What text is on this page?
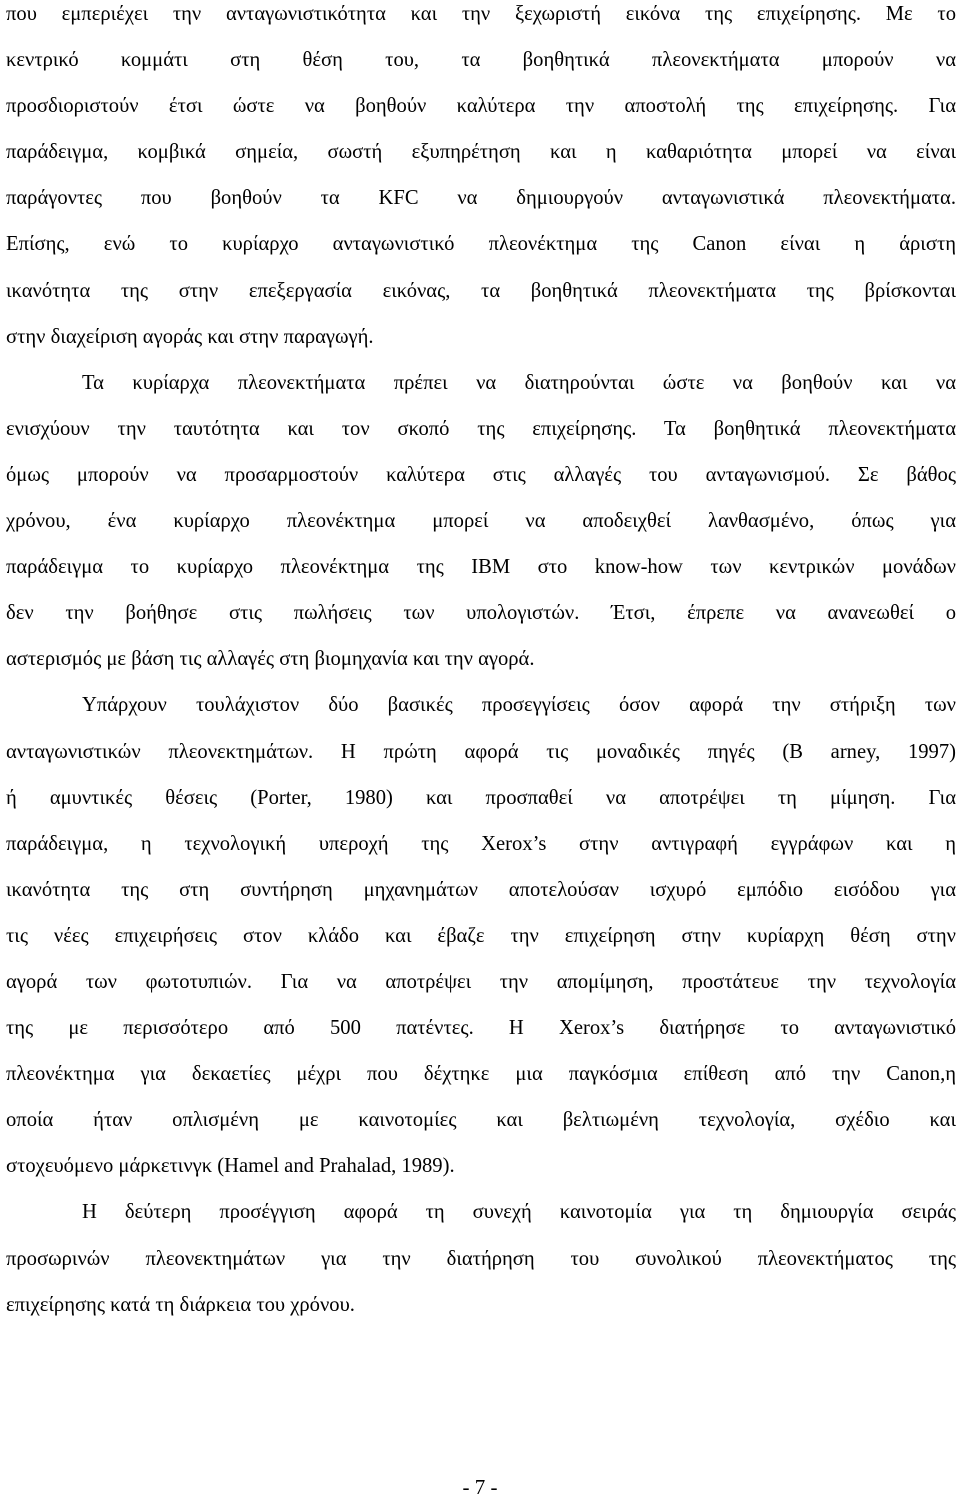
που εμπεριέχει την ανταγωνιστικότητα και την ξεχωριστή εικόνα της επιχείρησης. Με το
κεντρικό κομμάτι στη θέση του, τα βοηθητικά πλεονεκτήματα μπορούν να
προσδιοριστούν έτσι ώστε να βοηθούν καλύτερα την αποστολή της επιχείρησης. Για
παράδειγμα, κομβικά σημεία, σωστή εξυπηρέτηση και η καθαριότητα μπορεί να είναι
παράγοντες που βοηθούν τα KFC να δημιουργούν ανταγωνιστικά πλεονεκτήματα.
Επίσης, ενώ το κυρίαρχο ανταγωνιστικό πλεονέκτημα της Canon είναι η άριστη
ικανότητα της στην επεξεργασία εικόνας, τα βοηθητικά πλεονεκτήματα της βρίσκονται
στην διαχείριση αγοράς και στην παραγωγή.

Τα κυρίαρχα πλεονεκτήματα πρέπει να διατηρούνται ώστε να βοηθούν και να
ενισχύουν την ταυτότητα και τον σκοπό της επιχείρησης. Τα βοηθητικά πλεονεκτήματα
όμως μπορούν να προσαρμοστούν καλύτερα στις αλλαγές του ανταγωνισμού. Σε βάθος
χρόνου, ένα κυρίαρχο πλεονέκτημα μπορεί να αποδειχθεί λανθασμένο, όπως για
παράδειγμα το κυρίαρχο πλεονέκτημα της IBM στο know-how των κεντρικών μονάδων
δεν την βοήθησε στις πωλήσεις των υπολογιστών. Έτσι, έπρεπε να ανανεωθεί ο
αστερισμός με βάση τις αλλαγές στη βιομηχανία και την αγορά.

Υπάρχουν τουλάχιστον δύο βασικές προσεγγίσεις όσον αφορά την στήριξη των
ανταγωνιστικών πλεονεκτημάτων. Η πρώτη αφορά τις μοναδικές πηγές (B arney, 1997)
ή αμυντικές θέσεις (Porter, 1980) και προσπαθεί να αποτρέψει τη μίμηση. Για
παράδειγμα, η τεχνολογική υπεροχή της Xerox’s στην αντιγραφή εγγράφων και η
ικανότητα της στη συντήρηση μηχανημάτων αποτελούσαν ισχυρό εμπόδιο εισόδου για
τις νέες επιχειρήσεις στον κλάδο και έβαζε την επιχείρηση στην κυρίαρχη θέση στην
αγορά των φωτοτυπιών. Για να αποτρέψει την απομίμηση, προστάτευε την τεχνολογία
της με περισσότερο από 500 πατέντες. Η Xerox’s διατήρησε το ανταγωνιστικό
πλεονέκτημα για δεκαετίες μέχρι που δέχτηκε μια παγκόσμια επίθεση από την Canon,η
οποία ήταν οπλισμένη με καινοτομίες και βελτιωμένη τεχνολογία, σχέδιο και
στοχευόμενο μάρκετινγκ (Hamel and Prahalad, 1989).

Η δεύτερη προσέγγιση αφορά τη συνεχή καινοτομία για τη δημιουργία σειράς
προσωρινών πλεονεκτημάτων για την διατήρηση του συνολικού πλεονεκτήματος της
επιχείρησης κατά τη διάρκεια του χρόνου.

- 7 -
